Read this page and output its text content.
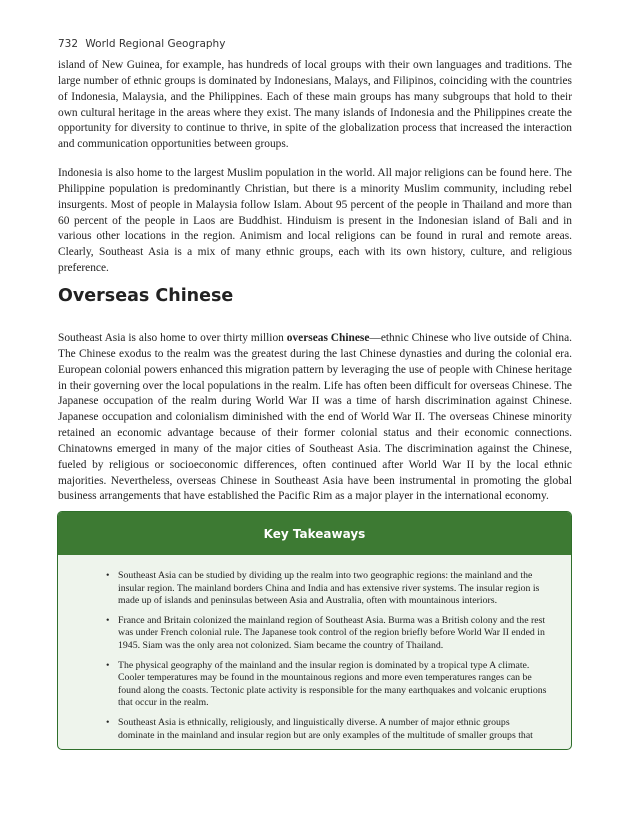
732 World Regional Geography

island of New Guinea, for example, has hundreds of local groups with their own languages and traditions. The large number of ethnic groups is dominated by Indonesians, Malays, and Filipinos, coinciding with the countries of Indonesia, Malaysia, and the Philippines. Each of these main groups has many subgroups that hold to their own cultural heritage in the areas where they exist. The many islands of Indonesia and the Philippines create the opportunity for diversity to continue to thrive, in spite of the globalization process that increased the interaction and communication opportunities between groups.

Indonesia is also home to the largest Muslim population in the world. All major religions can be found here. The Philippine population is predominantly Christian, but there is a minority Muslim community, including rebel insurgents. Most of people in Malaysia follow Islam. About 95 percent of the people in Thailand and more than 60 percent of the people in Laos are Buddhist. Hinduism is present in the Indonesian island of Bali and in various other locations in the region. Animism and local religions can be found in rural and remote areas. Clearly, Southeast Asia is a mix of many ethnic groups, each with its own history, culture, and religious preference.

Overseas Chinese

Southeast Asia is also home to over thirty million overseas Chinese—ethnic Chinese who live outside of China. The Chinese exodus to the realm was the greatest during the last Chinese dynasties and during the colonial era. European colonial powers enhanced this migration pattern by leveraging the use of people with Chinese heritage in their governing over the local populations in the realm. Life has often been difficult for overseas Chinese. The Japanese occupation of the realm during World War II was a time of harsh discrimination against Chinese. Japanese occupation and colonialism diminished with the end of World War II. The overseas Chinese minority retained an economic advantage because of their former colonial status and their economic connections. Chinatowns emerged in many of the major cities of Southeast Asia. The discrimination against the Chinese, fueled by religious or socioeconomic differences, often continued after World War II by the local ethnic majorities. Nevertheless, overseas Chinese in Southeast Asia have been instrumental in promoting the global business arrangements that have established the Pacific Rim as a major player in the international economy.

Key Takeaways
• Southeast Asia can be studied by dividing up the realm into two geographic regions: the mainland and the insular region. The mainland borders China and India and has extensive river systems. The insular region is made up of islands and peninsulas between Asia and Australia, often with mountainous interiors.
• France and Britain colonized the mainland region of Southeast Asia. Burma was a British colony and the rest was under French colonial rule. The Japanese took control of the region briefly before World War II ended in 1945. Siam was the only area not colonized. Siam became the country of Thailand.
• The physical geography of the mainland and the insular region is dominated by a tropical type A climate. Cooler temperatures may be found in the mountainous regions and more even temperatures ranges can be found along the coasts. Tectonic plate activity is responsible for the many earthquakes and volcanic eruptions that occur in the realm.
• Southeast Asia is ethnically, religiously, and linguistically diverse. A number of major ethnic groups dominate in the mainland and insular region but are only examples of the multitude of smaller groups that
